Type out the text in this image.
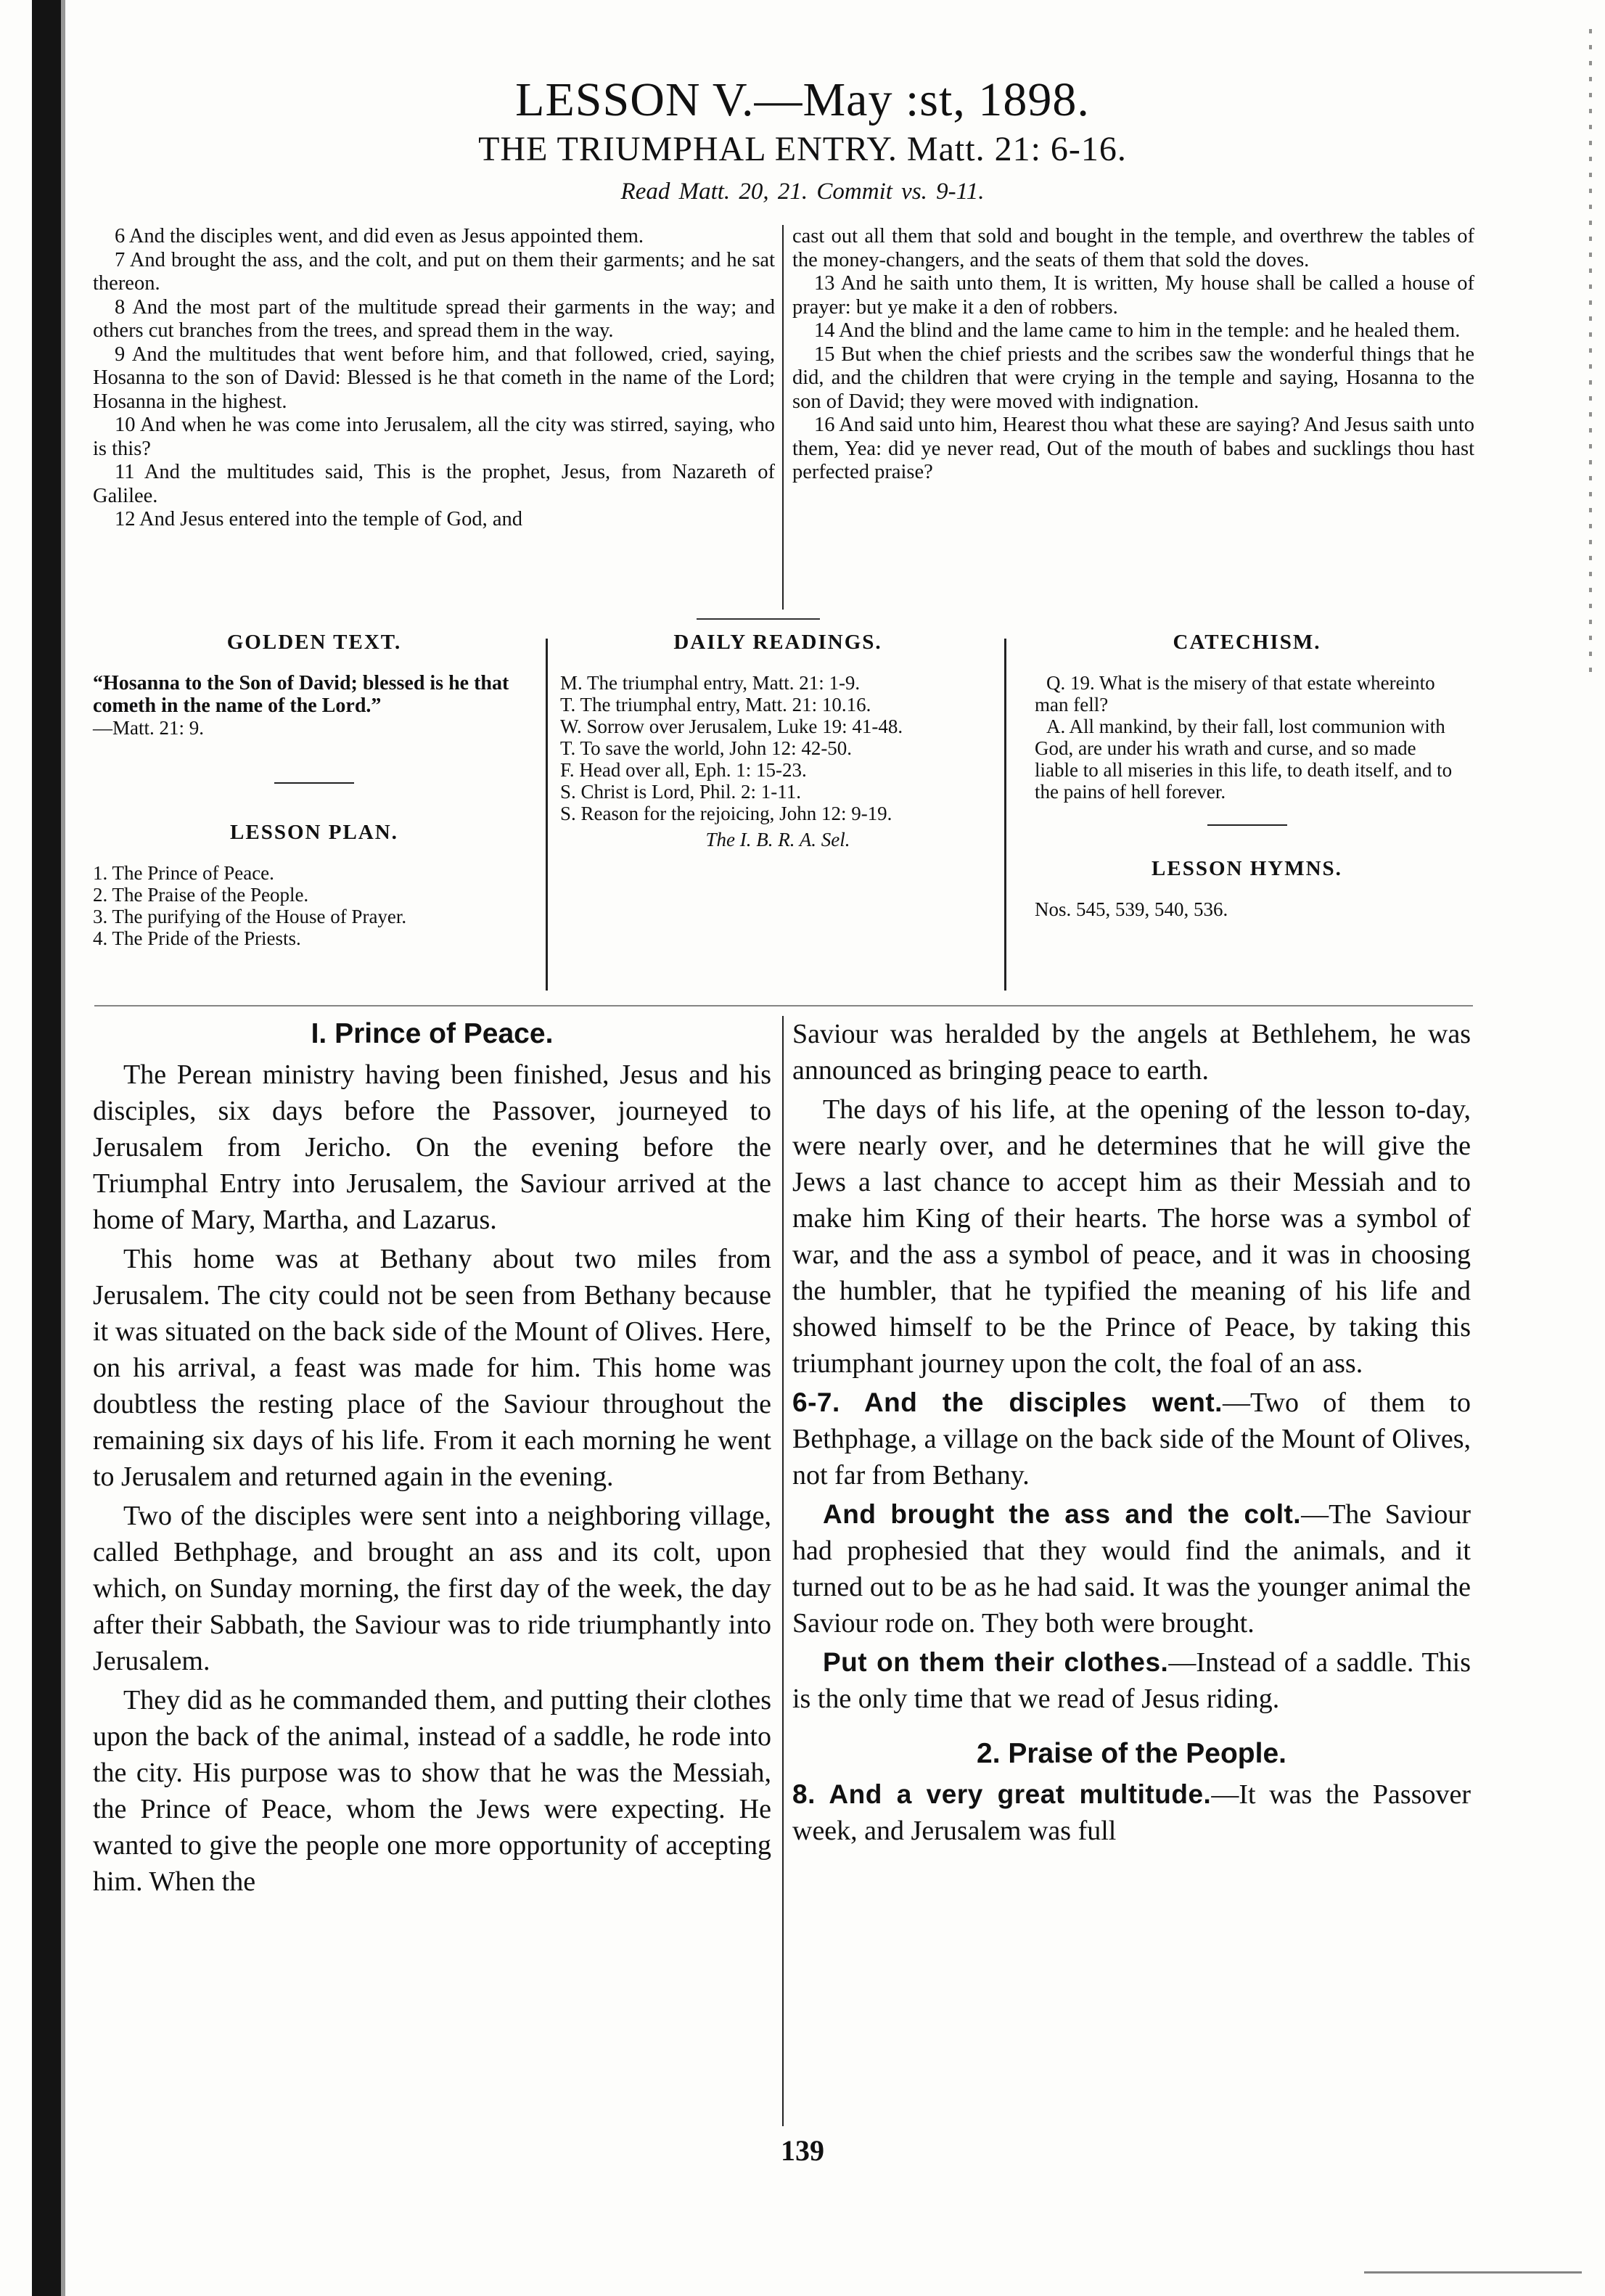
LESSON V.—May :st, 1898.
THE TRIUMPHAL ENTRY. Matt. 21: 6-16.
Read Matt. 20, 21. Commit vs. 9-11.

6 And the disciples went, and did even as Jesus appointed them.

7 And brought the ass, and the colt, and put on them their garments; and he sat thereon.

8 And the most part of the multitude spread their garments in the way; and others cut branches from the trees, and spread them in the way.

9 And the multitudes that went before him, and that followed, cried, saying, Hosanna to the son of David: Blessed is he that cometh in the name of the Lord; Hosanna in the highest.

10 And when he was come into Jerusalem, all the city was stirred, saying, who is this?

11 And the multitudes said, This is the prophet, Jesus, from Nazareth of Galilee.

12 And Jesus entered into the temple of God, and

cast out all them that sold and bought in the temple, and overthrew the tables of the money-changers, and the seats of them that sold the doves.

13 And he saith unto them, It is written, My house shall be called a house of prayer: but ye make it a den of robbers.

14 And the blind and the lame came to him in the temple: and he healed them.

15 But when the chief priests and the scribes saw the wonderful things that he did, and the children that were crying in the temple and saying, Hosanna to the son of David; they were moved with indignation.

16 And said unto him, Hearest thou what these are saying? And Jesus saith unto them, Yea: did ye never read, Out of the mouth of babes and sucklings thou hast perfected praise?

GOLDEN TEXT.

“Hosanna to the Son of David; blessed is he that cometh in the name of the Lord.”

—Matt. 21: 9.

LESSON PLAN.

1. The Prince of Peace.

2. The Praise of the People.

3. The purifying of the House of Prayer.

4. The Pride of the Priests.

DAILY READINGS.

M. The triumphal entry, Matt. 21: 1-9.

T. The triumphal entry, Matt. 21: 10.16.

W. Sorrow over Jerusalem, Luke 19: 41-48.

T. To save the world, John 12: 42-50.

F. Head over all, Eph. 1: 15-23.

S. Christ is Lord, Phil. 2: 1-11.

S. Reason for the rejoicing, John 12: 9-19.

The I. B. R. A. Sel.

CATECHISM.

Q. 19. What is the misery of that estate whereinto man fell?

A. All mankind, by their fall, lost communion with God, are under his wrath and curse, and so made liable to all miseries in this life, to death itself, and to the pains of hell forever.

LESSON HYMNS.

Nos. 545, 539, 540, 536.

I. Prince of Peace.

The Perean ministry having been finished, Jesus and his disciples, six days before the Passover, journeyed to Jerusalem from Jericho. On the evening before the Triumphal Entry into Jerusalem, the Saviour arrived at the home of Mary, Martha, and Lazarus.

This home was at Bethany about two miles from Jerusalem. The city could not be seen from Bethany because it was situated on the back side of the Mount of Olives. Here, on his arrival, a feast was made for him. This home was doubtless the resting place of the Saviour throughout the remaining six days of his life. From it each morning he went to Jerusalem and returned again in the evening.

Two of the disciples were sent into a neighboring village, called Bethphage, and brought an ass and its colt, upon which, on Sunday morning, the first day of the week, the day after their Sabbath, the Saviour was to ride triumphantly into Jerusalem.

They did as he commanded them, and putting their clothes upon the back of the animal, instead of a saddle, he rode into the city. His purpose was to show that he was the Messiah, the Prince of Peace, whom the Jews were expecting. He wanted to give the people one more opportunity of accepting him. When the

Saviour was heralded by the angels at Bethlehem, he was announced as bringing peace to earth.

The days of his life, at the opening of the lesson to-day, were nearly over, and he determines that he will give the Jews a last chance to accept him as their Messiah and to make him King of their hearts. The horse was a symbol of war, and the ass a symbol of peace, and it was in choosing the humbler, that he typified the meaning of his life and showed himself to be the Prince of Peace, by taking this triumphant journey upon the colt, the foal of an ass.

6-7. And the disciples went.—Two of them to Bethphage, a village on the back side of the Mount of Olives, not far from Bethany.

And brought the ass and the colt.—The Saviour had prophesied that they would find the animals, and it turned out to be as he had said. It was the younger animal the Saviour rode on. They both were brought.

Put on them their clothes.—Instead of a saddle. This is the only time that we read of Jesus riding.

2. Praise of the People.

8. And a very great multitude.—It was the Passover week, and Jerusalem was full

139
